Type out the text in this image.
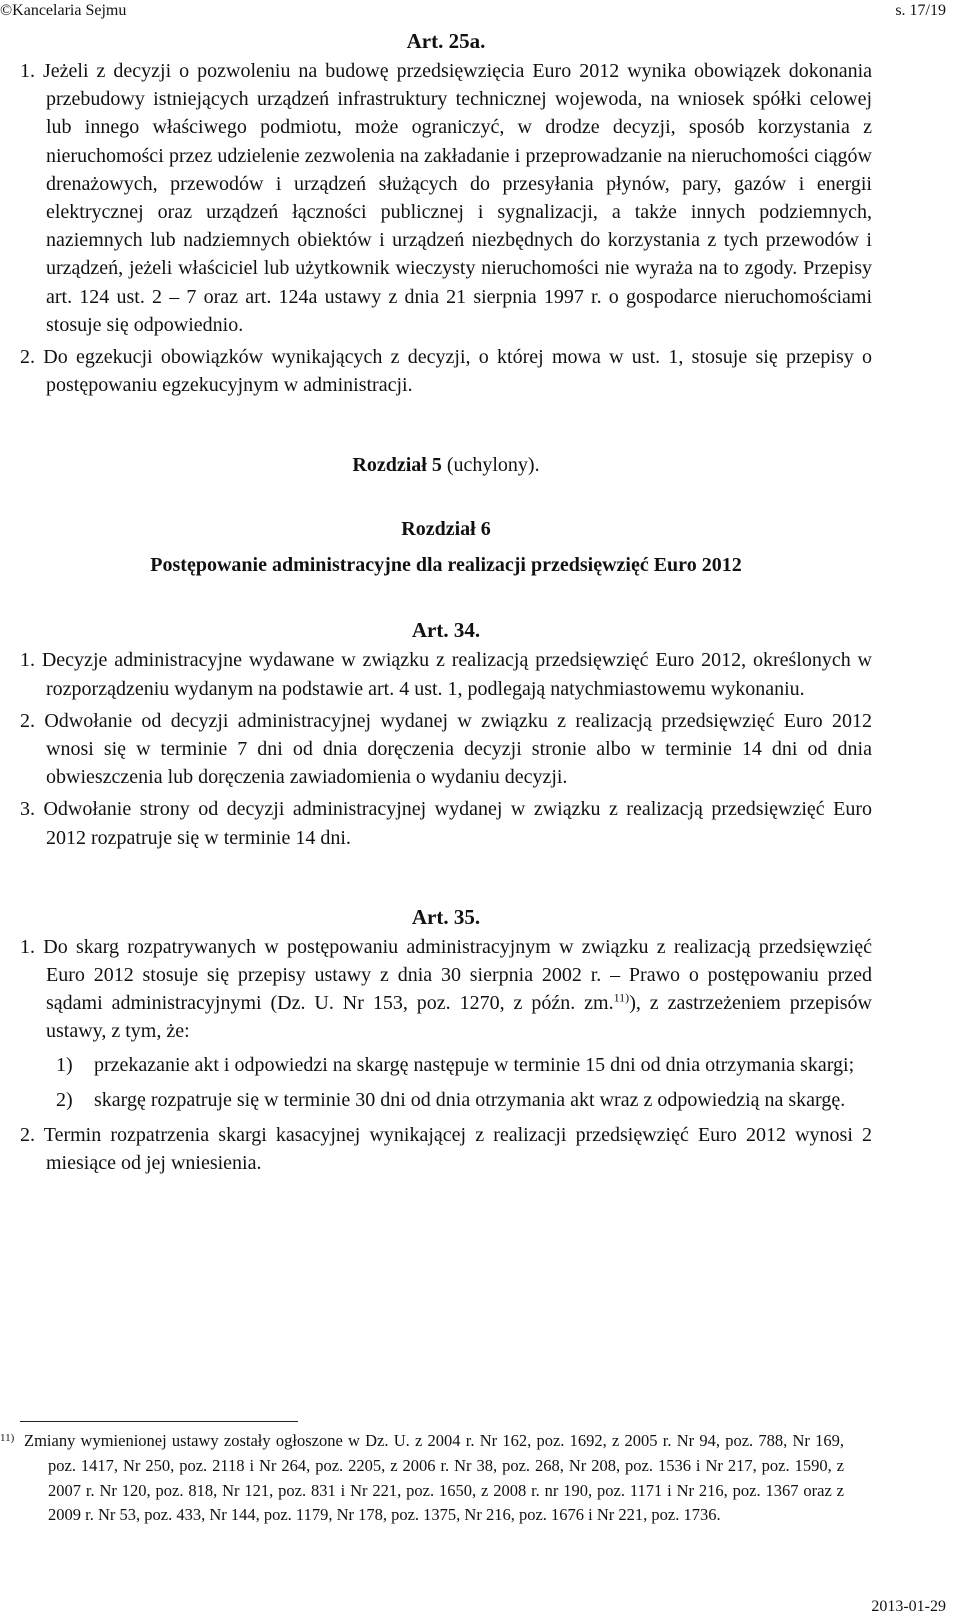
©Kancelaria Sejmu	s. 17/19
Art. 25a.
1. Jeżeli z decyzji o pozwoleniu na budowę przedsięwzięcia Euro 2012 wynika obowiązek dokonania przebudowy istniejących urządzeń infrastruktury technicznej wojewoda, na wniosek spółki celowej lub innego właściwego podmiotu, może ograniczyć, w drodze decyzji, sposób korzystania z nieruchomości przez udzielenie zezwolenia na zakładanie i przeprowadzanie na nieruchomości ciągów drenażowych, przewodów i urządzeń służących do przesyłania płynów, pary, gazów i energii elektrycznej oraz urządzeń łączności publicznej i sygnalizacji, a także innych podziemnych, naziemnych lub nadziemnych obiektów i urządzeń niezbędnych do korzystania z tych przewodów i urządzeń, jeżeli właściciel lub użytkownik wieczysty nieruchomości nie wyraża na to zgody. Przepisy art. 124 ust. 2 – 7 oraz art. 124a ustawy z dnia 21 sierpnia 1997 r. o gospodarce nieruchomościami stosuje się odpowiednio.
2. Do egzekucji obowiązków wynikających z decyzji, o której mowa w ust. 1, stosuje się przepisy o postępowaniu egzekucyjnym w administracji.
Rozdział 5 (uchylony).
Rozdział 6
Postępowanie administracyjne dla realizacji przedsięwzięć Euro 2012
Art. 34.
1. Decyzje administracyjne wydawane w związku z realizacją przedsięwzięć Euro 2012, określonych w rozporządzeniu wydanym na podstawie art. 4 ust. 1, podlegają natychmiastowemu wykonaniu.
2. Odwołanie od decyzji administracyjnej wydanej w związku z realizacją przedsięwzięć Euro 2012 wnosi się w terminie 7 dni od dnia doręczenia decyzji stronie albo w terminie 14 dni od dnia obwieszczenia lub doręczenia zawiadomienia o wydaniu decyzji.
3. Odwołanie strony od decyzji administracyjnej wydanej w związku z realizacją przedsięwzięć Euro 2012 rozpatruje się w terminie 14 dni.
Art. 35.
1. Do skarg rozpatrywanych w postępowaniu administracyjnym w związku z realizacją przedsięwzięć Euro 2012 stosuje się przepisy ustawy z dnia 30 sierpnia 2002 r. – Prawo o postępowaniu przed sądami administracyjnymi (Dz. U. Nr 153, poz. 1270, z późn. zm.$^{11)}$), z zastrzeżeniem przepisów ustawy, z tym, że:
1) przekazanie akt i odpowiedzi na skargę następuje w terminie 15 dni od dnia otrzymania skargi;
2) skargę rozpatruje się w terminie 30 dni od dnia otrzymania akt wraz z odpowiedzią na skargę.
2. Termin rozpatrzenia skargi kasacyjnej wynikającej z realizacji przedsięwzięć Euro 2012 wynosi 2 miesiące od jej wniesienia.
11) Zmiany wymienionej ustawy zostały ogłoszone w Dz. U. z 2004 r. Nr 162, poz. 1692, z 2005 r. Nr 94, poz. 788, Nr 169, poz. 1417, Nr 250, poz. 2118 i Nr 264, poz. 2205, z 2006 r. Nr 38, poz. 268, Nr 208, poz. 1536 i Nr 217, poz. 1590, z 2007 r. Nr 120, poz. 818, Nr 121, poz. 831 i Nr 221, poz. 1650, z 2008 r. nr 190, poz. 1171 i Nr 216, poz. 1367 oraz z 2009 r. Nr 53, poz. 433, Nr 144, poz. 1179, Nr 178, poz. 1375, Nr 216, poz. 1676 i Nr 221, poz. 1736.
2013-01-29
